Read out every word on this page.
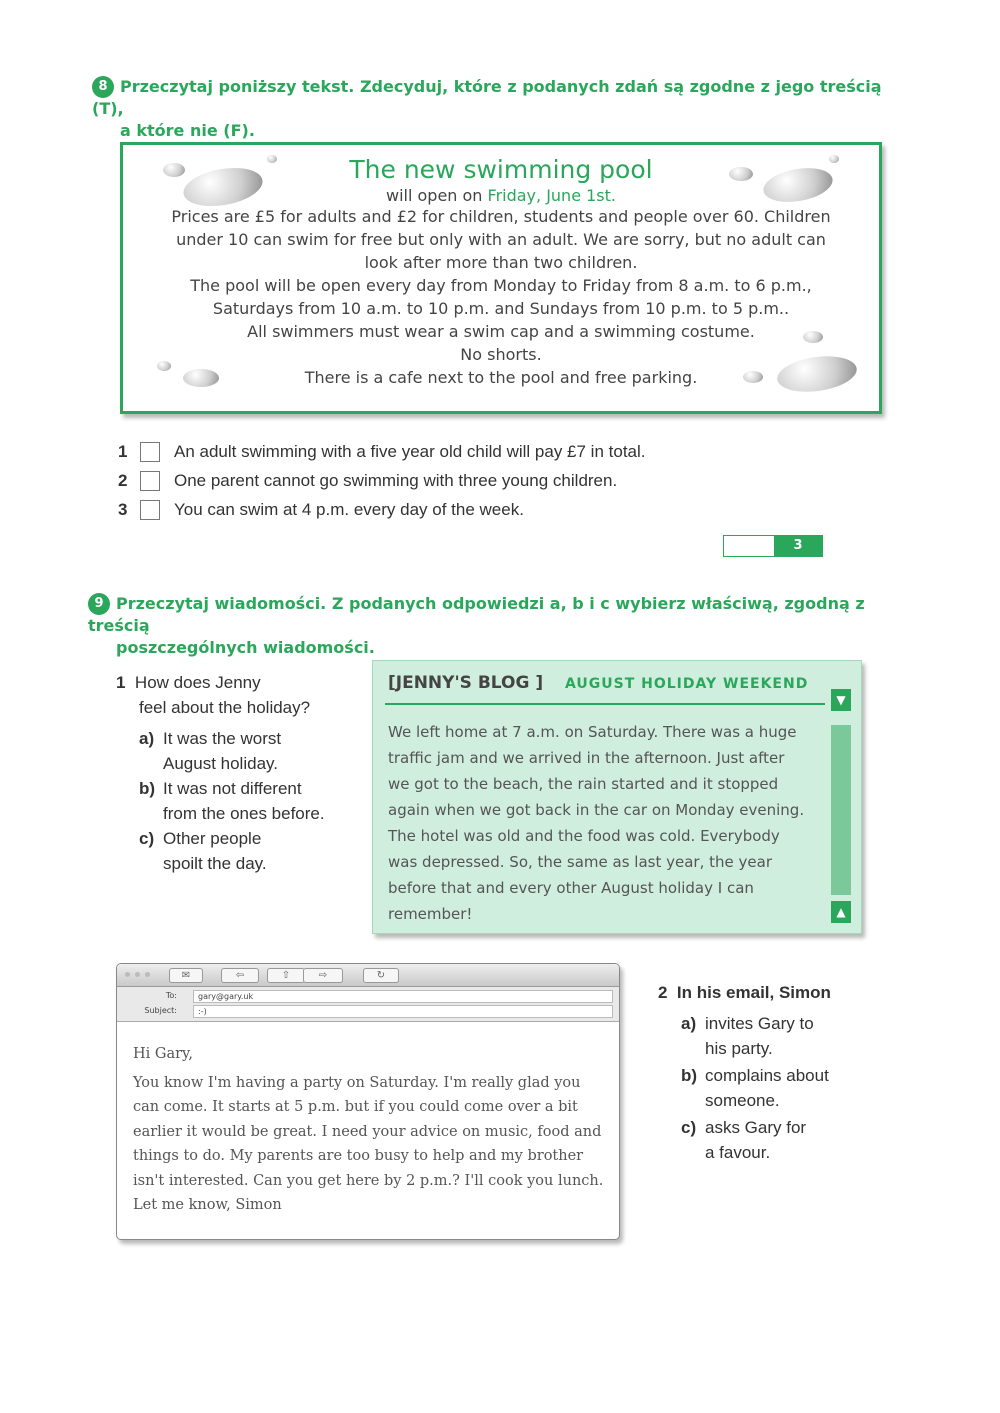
8 Przeczytaj poniższy tekst. Zdecyduj, które z podanych zdań są zgodne z jego treścią (T),
a które nie (F).
The new swimming pool
will open on Friday, June 1st.
Prices are £5 for adults and £2 for children, students and people over 60. Children
under 10 can swim for free but only with an adult. We are sorry, but no adult can
look after more than two children.
The pool will be open every day from Monday to Friday from 8 a.m. to 6 p.m.,
Saturdays from 10 a.m. to 10 p.m. and Sundays from 10 p.m. to 5 p.m..
All swimmers must wear a swim cap and a swimming costume.
No shorts.
There is a cafe next to the pool and free parking.
1	An adult swimming with a five year old child will pay £7 in total.
2	One parent cannot go swimming with three young children.
3	You can swim at 4 p.m. every day of the week.
3
9 Przeczytaj wiadomości. Z podanych odpowiedzi a, b i c wybierz właściwą, zgodną z treścią
poszczególnych wiadomości.
1 How does Jenny
feel about the holiday?
a) It was the worst
August holiday.
b) It was not different
from the ones before.
c) Other people
spoilt the day.
[JENNY'S BLOG ] AUGUST HOLIDAY WEEKEND
We left home at 7 a.m. on Saturday. There was a huge
traffic jam and we arrived in the afternoon. Just after
we got to the beach, the rain started and it stopped
again when we got back in the car on Monday evening.
The hotel was old and the food was cold. Everybody
was depressed. So, the same as last year, the year
before that and every other August holiday I can
remember!
▼
▲
✉	⇦	⇧	⇨	↻
To:	gary@gary.uk
Subject:	:-)
Hi Gary,
You know I'm having a party on Saturday. I'm really glad you
can come. It starts at 5 p.m. but if you could come over a bit
earlier it would be great. I need your advice on music, food and
things to do. My parents are too busy to help and my brother
isn't interested. Can you get here by 2 p.m.? I'll cook you lunch.
Let me know, Simon
2 In his email, Simon
a) invites Gary to
his party.
b) complains about
someone.
c) asks Gary for
a favour.
